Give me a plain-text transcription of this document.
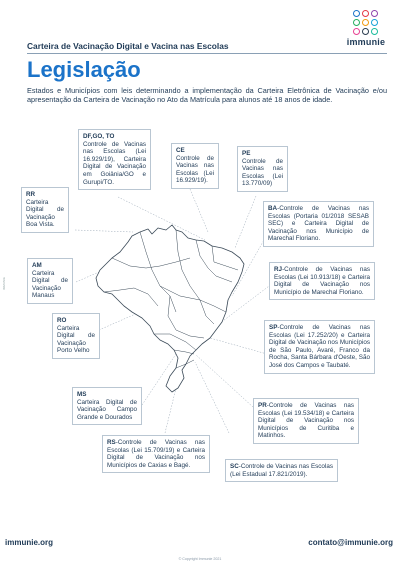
immunie
Carteira de Vacinação Digital e Vacina nas Escolas
Legislação

Estados e Municípios com leis determinando a implementação da Carteira Eletrônica de Vacinação e/ou apresentação da Carteira de Vacinação no Ato da Matrícula para alunos até 18 anos de idade.

IMMUNIE
DF,GO, TO
Controle de Vacinas nas Escolas (Lei 16.929/19), Carteira Digital de Vacinação em Goiânia/GO e Gurupi/TO.
CE
Controle de Vacinas nas Escolas (Lei 16.929/19).
PE
Controle de Vacinas nas Escolas (Lei 13.770/09)
RR
Carteira Digital de Vacinação Boa Vista.
BA-Controle de Vacinas nas Escolas (Portaria 01/2018 SESAB SEC) e Carteira Digital de Vacinação nos Município de Marechal Floriano.
AM
Carteira Digital de Vacinação Manaus
RJ-Controle de Vacinas nas Escolas (Lei 10.913/18) e Carteira Digital de Vacinação nos Município de Marechal Floriano.
RO
Carteira Digital de Vacinação Porto Velho
SP-Controle de Vacinas nas Escolas (Lei 17.252/20) e Carteira Digital de Vacinação nos Municípios de São Paulo, Avaré, Franco da Rocha, Santa Bárbara d'Oeste, São José dos Campos e Taubaté.
MS
Carteira Digital de Vacinação Campo Grande e Dourados
PR-Controle de Vacinas nas Escolas (Lei 19.534/18) e Carteira Digital de Vacinação nos Municípios de Curitiba e Matinhos.
RS-Controle de Vacinas nas Escolas (Lei 15.709/19) e Carteira Digital de Vacinação nos Municípios de Caxias e Bagé.	SC-Controle de Vacinas nas Escolas (Lei Estadual 17.821/2019).
immunie.org	contato@immunie.org
© Copyright Immunie 2021
